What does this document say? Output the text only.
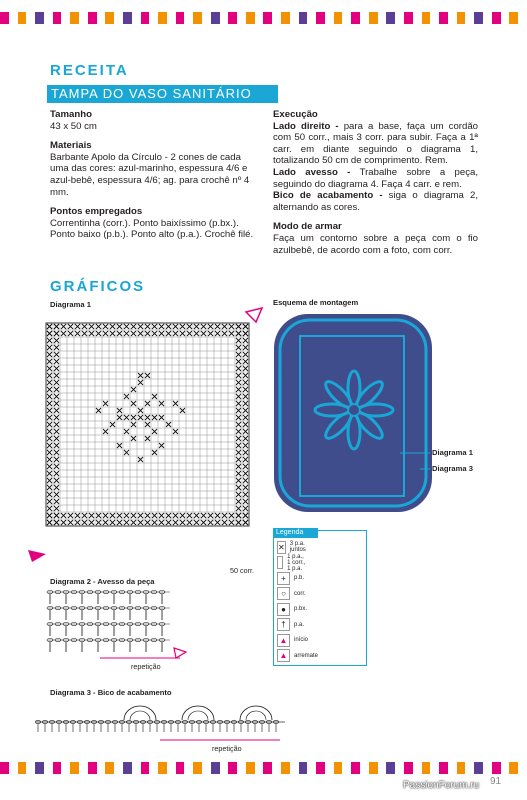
RECEITA
TAMPA DO VASO SANITÁRIO

Tamanho

43 x 50 cm

Materiais

Barbante Apolo da Círculo - 2 cones de cada uma das cores: azul-marinho, espessura 4/6 e azul-bebê, espessura 4/6; ag. para crochê nº 4 mm.

Pontos empregados

Correntinha (corr.). Ponto baixíssimo (p.bx.). Ponto baixo (p.b.). Ponto alto (p.a.). Crochê filé.

Execução

Lado direito - para a base, faça um cordão com 50 corr., mais 3 corr. para subir. Faça a 1ª carr. em diante seguindo o diagrama 1, totalizando 50 cm de comprimento. Rem.

Lado avesso - Trabalhe sobre a peça, seguindo do diagrama 4. Faça 4 carr. e rem.

Bico de acabamento - siga o diagrama 2, alternando as cores.

Modo de armar

Faça um contorno sobre a peça com o fio azulbebê, de acordo com a foto, com corr.

GRÁFICOS
Diagrama 1
50 corr.
Esquema de montagem
Diagrama 1
Diagrama 3
Legenda
✕ 3 p.a. juntos
1 p.a., 1 corr., 1 p.a.
+	p.b.
○	corr.
●	p.bx.
†	p.a.
▲	início
▲	arremate
Diagrama 2 - Avesso da peça
repetição
Diagrama 3 - Bico de acabamento
repetição
91
PassionForum.ru
